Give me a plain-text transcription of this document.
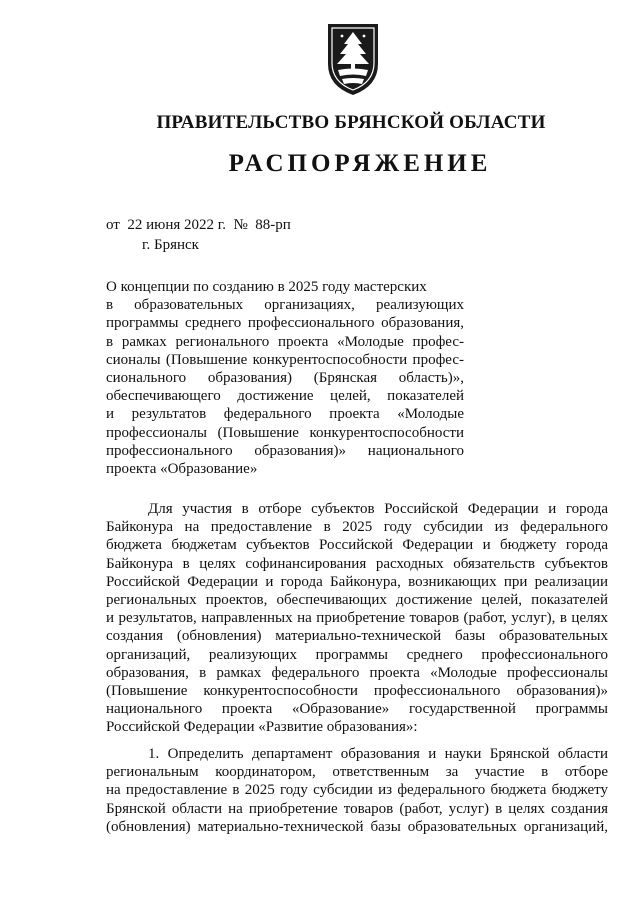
ПРАВИТЕЛЬСТВО БРЯНСКОЙ ОБЛАСТИ
РАСПОРЯЖЕНИЕ
от  22 июня 2022 г.  №  88-рп
г. Брянск
О концепции по созданию в 2025 году мастерских
в образовательных организациях, реализующих
программы среднего профессионального образования,
в рамках регионального проекта «Молодые профес-
сионалы (Повышение конкурентоспособности профес-
сионального образования) (Брянская область)»,
обеспечивающего достижение целей, показателей
и результатов федерального проекта «Молодые
профессионалы (Повышение конкурентоспособности
профессионального образования)» национального
проекта «Образование»
Для участия в отборе субъектов Российской Федерации и города
Байконура на предоставление в 2025 году субсидии из федерального
бюджета бюджетам субъектов Российской Федерации и бюджету города
Байконура в целях софинансирования расходных обязательств субъектов
Российской Федерации и города Байконура, возникающих при реализации
региональных проектов, обеспечивающих достижение целей, показателей
и результатов, направленных на приобретение товаров (работ, услуг), в целях
создания (обновления) материально-технической базы образовательных
организаций, реализующих программы среднего профессионального
образования, в рамках федерального проекта «Молодые профессионалы
(Повышение конкурентоспособности профессионального образования)»
национального проекта «Образование» государственной программы
Российской Федерации «Развитие образования»:
1. Определить департамент образования и науки Брянской области
региональным координатором, ответственным за участие в отборе
на предоставление в 2025 году субсидии из федерального бюджета бюджету
Брянской области на приобретение товаров (работ, услуг) в целях создания
(обновления) материально-технической базы образовательных организаций,
